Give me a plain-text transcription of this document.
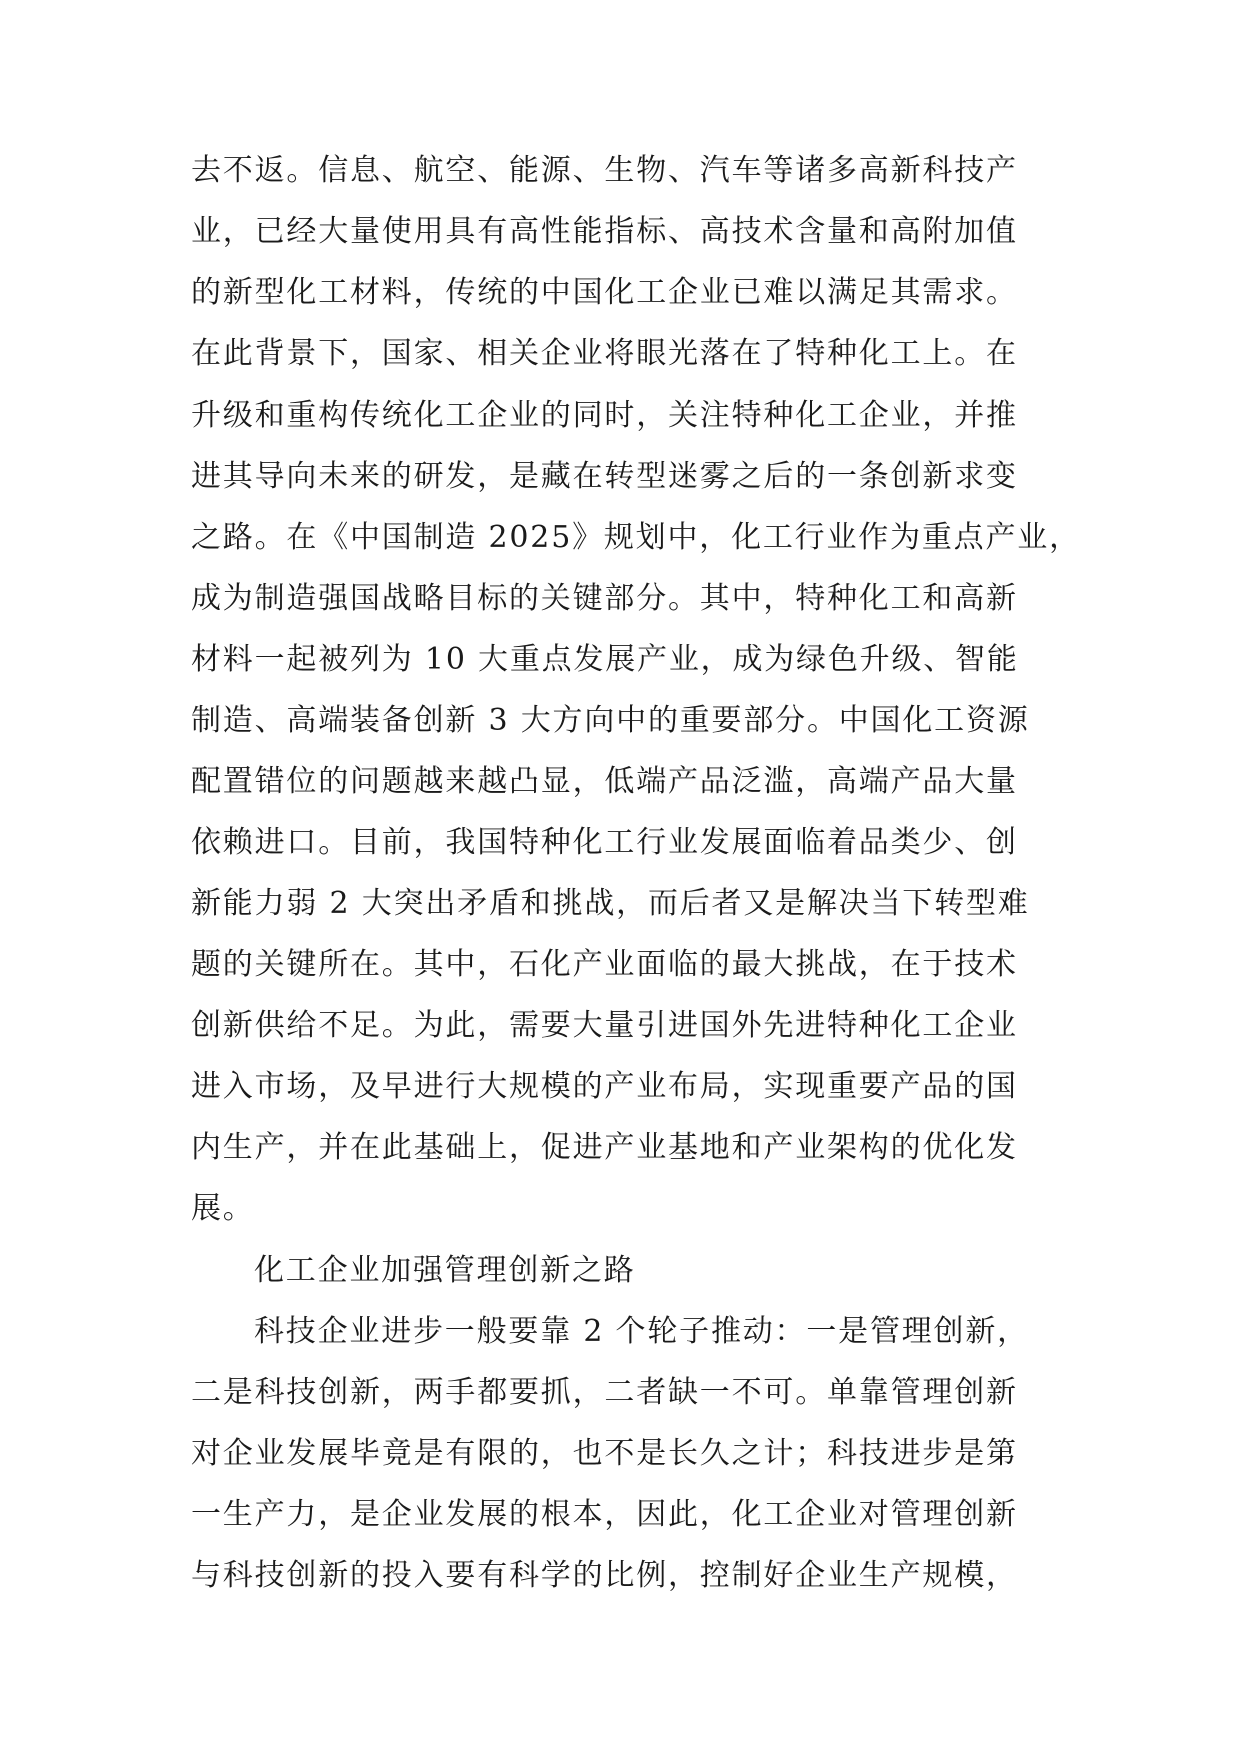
去不返。信息、航空、能源、生物、汽车等诸多高新科技产

业，已经大量使用具有高性能指标、高技术含量和高附加值

的新型化工材料，传统的中国化工企业已难以满足其需求。

在此背景下，国家、相关企业将眼光落在了特种化工上。在

升级和重构传统化工企业的同时，关注特种化工企业，并推

进其导向未来的研发，是藏在转型迷雾之后的一条创新求变

之路。在《中国制造 2025》规划中，化工行业作为重点产业，

成为制造强国战略目标的关键部分。其中，特种化工和高新

材料一起被列为 10 大重点发展产业，成为绿色升级、智能

制造、高端装备创新 3 大方向中的重要部分。中国化工资源

配置错位的问题越来越凸显，低端产品泛滥，高端产品大量

依赖进口。目前，我国特种化工行业发展面临着品类少、创

新能力弱 2 大突出矛盾和挑战，而后者又是解决当下转型难

题的关键所在。其中，石化产业面临的最大挑战，在于技术

创新供给不足。为此，需要大量引进国外先进特种化工企业

进入市场，及早进行大规模的产业布局，实现重要产品的国

内生产，并在此基础上，促进产业基地和产业架构的优化发

展。

化工企业加强管理创新之路

科技企业进步一般要靠 2 个轮子推动：一是管理创新，

二是科技创新，两手都要抓，二者缺一不可。单靠管理创新

对企业发展毕竟是有限的，也不是长久之计；科技进步是第

一生产力，是企业发展的根本，因此，化工企业对管理创新

与科技创新的投入要有科学的比例，控制好企业生产规模，
